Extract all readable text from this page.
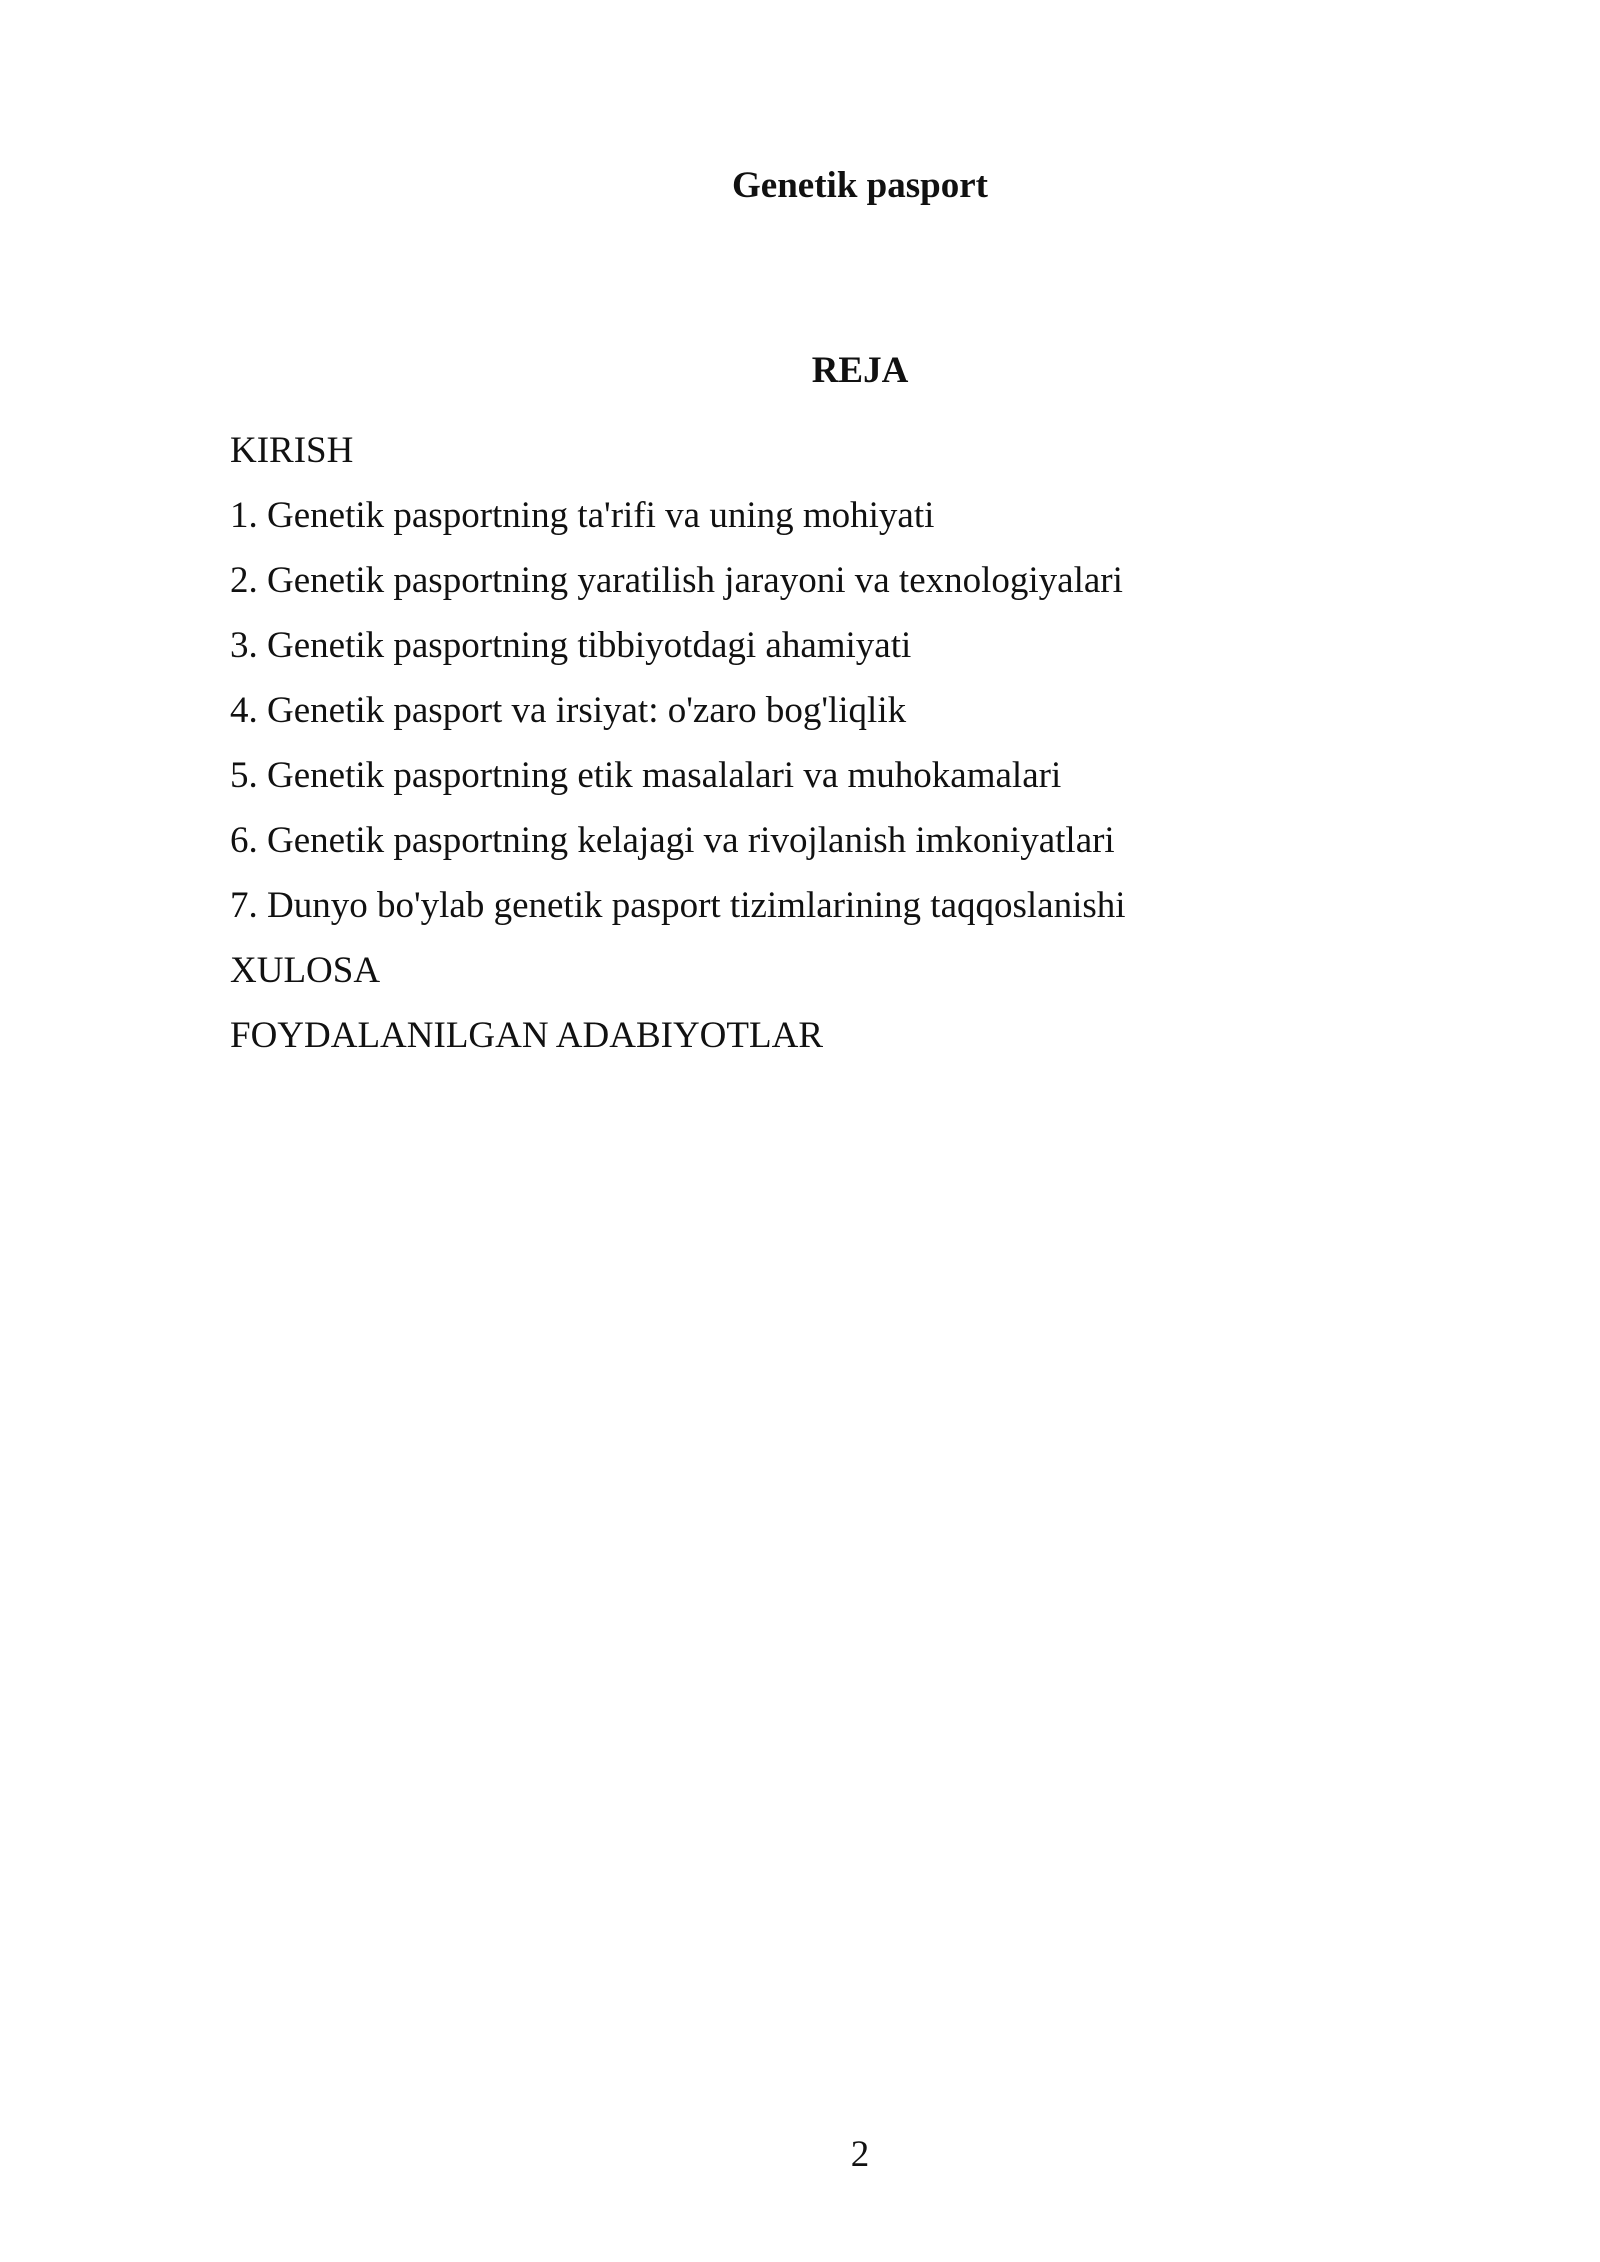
Genetik pasport
REJA
KIRISH
1. Genetik pasportning ta'rifi va uning mohiyati
2. Genetik pasportning yaratilish jarayoni va texnologiyalari
3. Genetik pasportning tibbiyotdagi ahamiyati
4. Genetik pasport va irsiyat: o'zaro bog'liqlik
5. Genetik pasportning etik masalalari va muhokamalari
6. Genetik pasportning kelajagi va rivojlanish imkoniyatlari
7. Dunyo bo'ylab genetik pasport tizimlarining taqqoslanishi
XULOSA
FOYDALANILGAN ADABIYOTLAR
2
